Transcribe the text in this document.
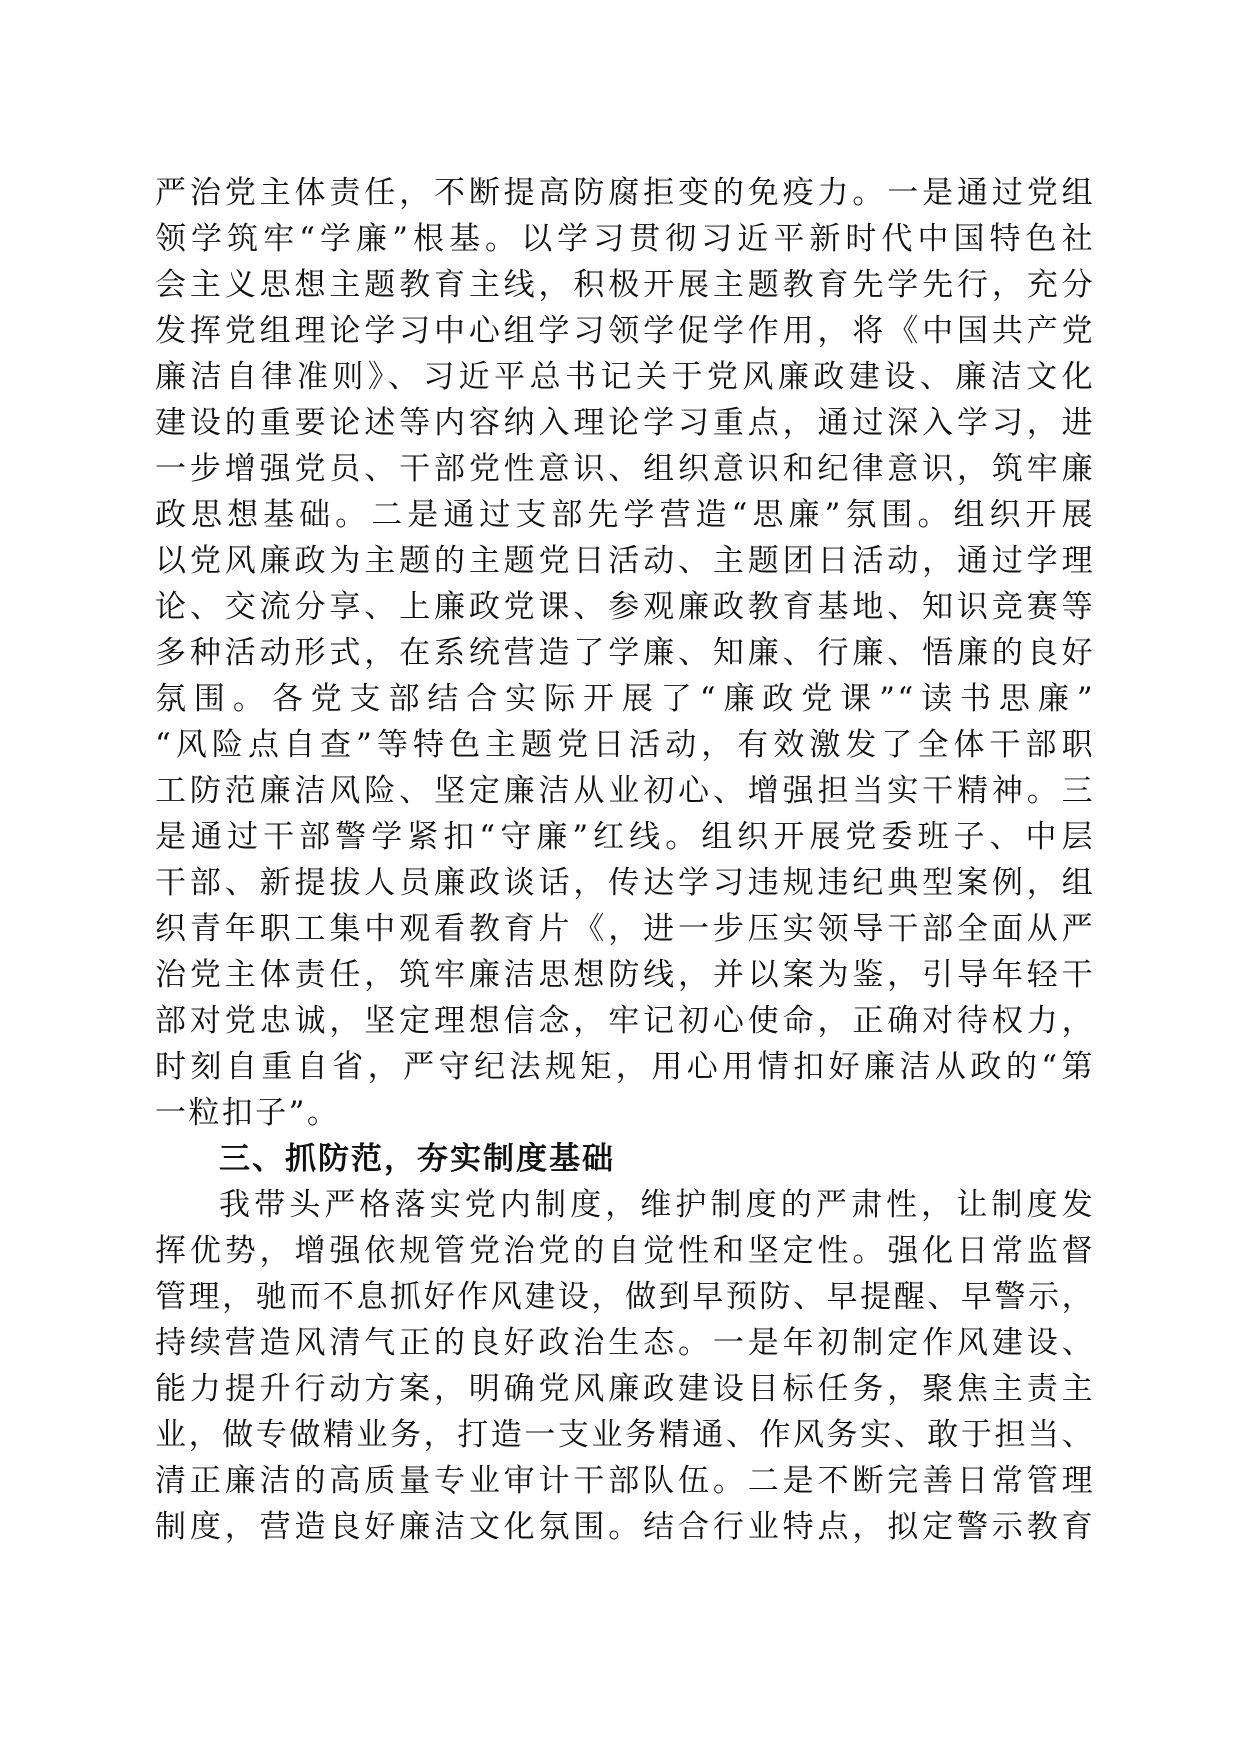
严治党主体责任，不断提高防腐拒变的免疫力。一是通过党组
领学筑牢“学廉”根基。以学习贯彻习近平新时代中国特色社
会主义思想主题教育主线，积极开展主题教育先学先行，充分
发挥党组理论学习中心组学习领学促学作用，将《中国共产党
廉洁自律准则》、习近平总书记关于党风廉政建设、廉洁文化
建设的重要论述等内容纳入理论学习重点，通过深入学习，进
一步增强党员、干部党性意识、组织意识和纪律意识，筑牢廉
政思想基础。二是通过支部先学营造“思廉”氛围。组织开展
以党风廉政为主题的主题党日活动、主题团日活动，通过学理
论、交流分享、上廉政党课、参观廉政教育基地、知识竞赛等
多种活动形式，在系统营造了学廉、知廉、行廉、悟廉的良好
氛围。各党支部结合实际开展了“廉政党课”“读书思廉”
“风险点自查”等特色主题党日活动，有效激发了全体干部职
工防范廉洁风险、坚定廉洁从业初心、增强担当实干精神。三
是通过干部警学紧扣“守廉”红线。组织开展党委班子、中层
干部、新提拔人员廉政谈话，传达学习违规违纪典型案例，组
织青年职工集中观看教育片《，进一步压实领导干部全面从严
治党主体责任，筑牢廉洁思想防线，并以案为鉴，引导年轻干
部对党忠诚，坚定理想信念，牢记初心使命，正确对待权力，
时刻自重自省，严守纪法规矩，用心用情扣好廉洁从政的“第
一粒扣子”。
三、抓防范，夯实制度基础
我带头严格落实党内制度，维护制度的严肃性，让制度发
挥优势，增强依规管党治党的自觉性和坚定性。强化日常监督
管理，驰而不息抓好作风建设，做到早预防、早提醒、早警示，
持续营造风清气正的良好政治生态。一是年初制定作风建设、
能力提升行动方案，明确党风廉政建设目标任务，聚焦主责主
业，做专做精业务，打造一支业务精通、作风务实、敢于担当、
清正廉洁的高质量专业审计干部队伍。二是不断完善日常管理
制度，营造良好廉洁文化氛围。结合行业特点，拟定警示教育
